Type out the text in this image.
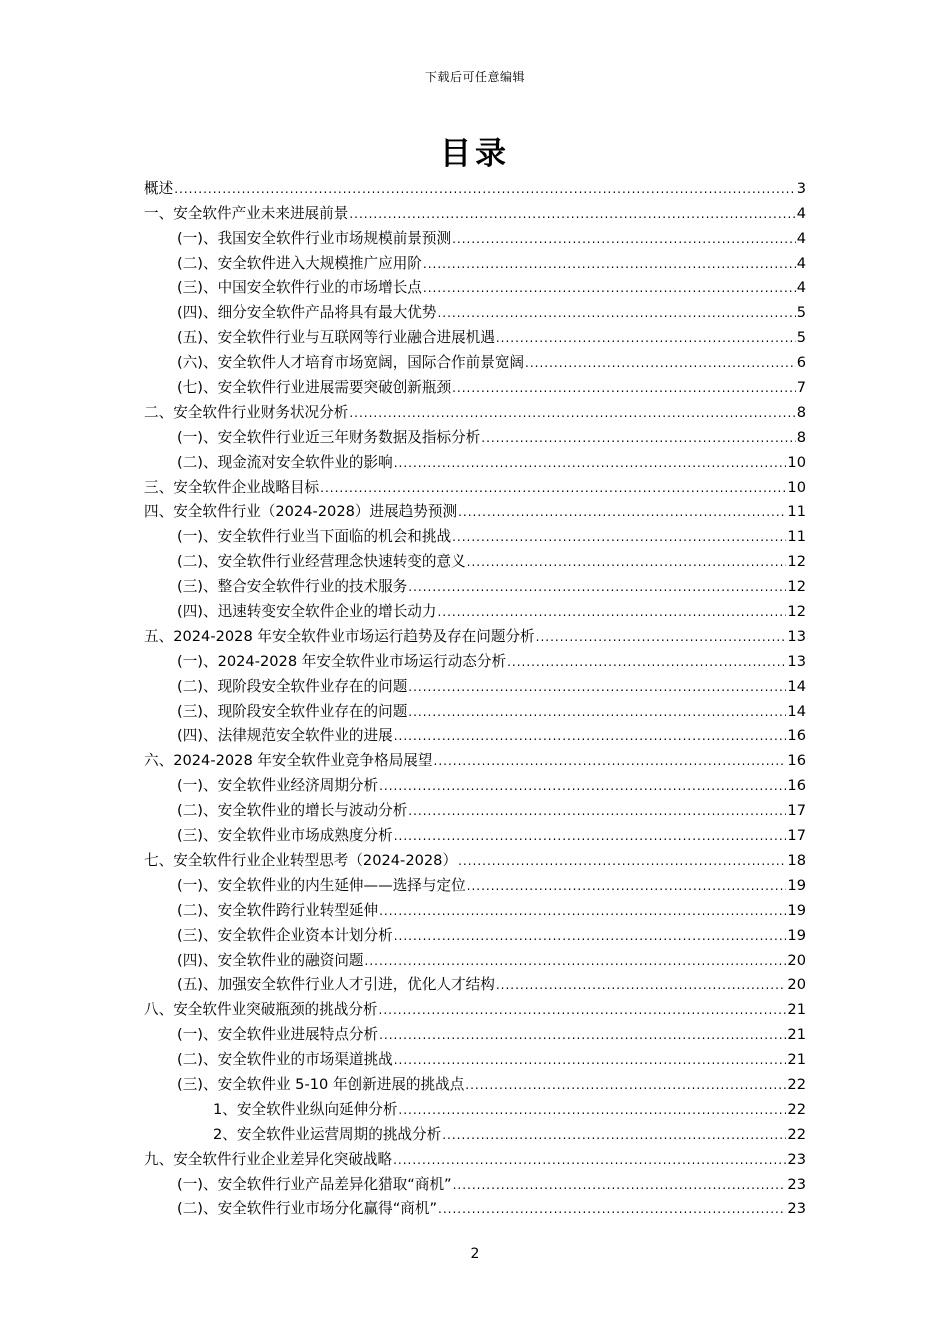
下载后可任意编辑
目录
概述 .....	3
一、安全软件产业未来进展前景 .....	4
(一)、我国安全软件行业市场规模前景预测 .....	4
(二)、安全软件进入大规模推广应用阶 .....	4
(三)、中国安全软件行业的市场增长点 .....	4
(四)、细分安全软件产品将具有最大优势 .....	5
(五)、安全软件行业与互联网等行业融合进展机遇 .....	5
(六)、安全软件人才培育市场宽阔，国际合作前景宽阔 .....	6
(七)、安全软件行业进展需要突破创新瓶颈 .....	7
二、安全软件行业财务状况分析 .....	8
(一)、安全软件行业近三年财务数据及指标分析 .....	8
(二)、现金流对安全软件业的影响 .....	10
三、安全软件企业战略目标 .....	10
四、安全软件行业（2024-2028）进展趋势预测 .....	11
(一)、安全软件行业当下面临的机会和挑战 .....	11
(二)、安全软件行业经营理念快速转变的意义 .....	12
(三)、整合安全软件行业的技术服务 .....	12
(四)、迅速转变安全软件企业的增长动力 .....	12
五、2024-2028 年安全软件业市场运行趋势及存在问题分析 .....	13
(一)、2024-2028 年安全软件业市场运行动态分析 .....	13
(二)、现阶段安全软件业存在的问题 .....	14
(三)、现阶段安全软件业存在的问题 .....	14
(四)、法律规范安全软件业的进展 .....	16
六、2024-2028 年安全软件业竞争格局展望 .....	16
(一)、安全软件业经济周期分析 .....	16
(二)、安全软件业的增长与波动分析 .....	17
(三)、安全软件业市场成熟度分析 .....	17
七、安全软件行业企业转型思考（2024-2028） .....	18
(一)、安全软件业的内生延伸——选择与定位 .....	19
(二)、安全软件跨行业转型延伸 .....	19
(三)、安全软件企业资本计划分析 .....	19
(四)、安全软件业的融资问题 .....	20
(五)、加强安全软件行业人才引进，优化人才结构 .....	20
八、安全软件业突破瓶颈的挑战分析 .....	21
(一)、安全软件业进展特点分析 .....	21
(二)、安全软件业的市场渠道挑战 .....	21
(三)、安全软件业 5-10 年创新进展的挑战点 .....	22
1、安全软件业纵向延伸分析 .....	22
2、安全软件业运营周期的挑战分析 .....	22
九、安全软件行业企业差异化突破战略 .....	23
(一)、安全软件行业产品差异化猎取“商机” .....	23
(二)、安全软件行业市场分化赢得“商机” .....	23
2
